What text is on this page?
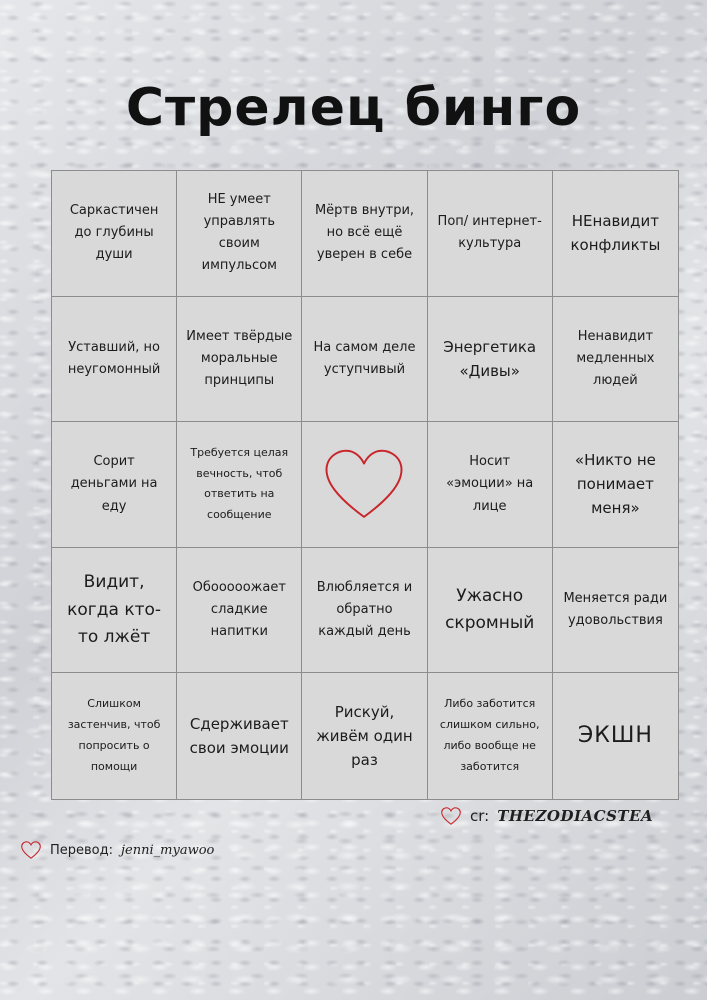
Стрелец бинго
Саркастичен до глубины души
НЕ умеет управлять своим импульсом
Мёртв внутри, но всё ещё уверен в себе
Поп/ интернет-культура
НЕнавидит конфликты
Уставший, но неугомонный
Имеет твёрдые моральные принципы
На самом деле уступчивый
Энергетика «Дивы»
Ненавидит медленных людей
Сорит деньгами на еду
Требуется целая вечность, чтоб ответить на сообщение
Носит «эмоции» на лице
«Никто не понимает меня»
Видит, когда кто-то лжёт
Обооооожает сладкие напитки
Влюбляется и обратно каждый день
Ужасно скромный
Меняется ради удовольствия
Слишком застенчив, чтоб попросить о помощи
Сдерживает свои эмоции
Рискуй, живём один раз
Либо заботится слишком сильно, либо вообще не заботится
ЭКШН
cr: THEZODIACSTEA
Перевод: jenni_myawoo
